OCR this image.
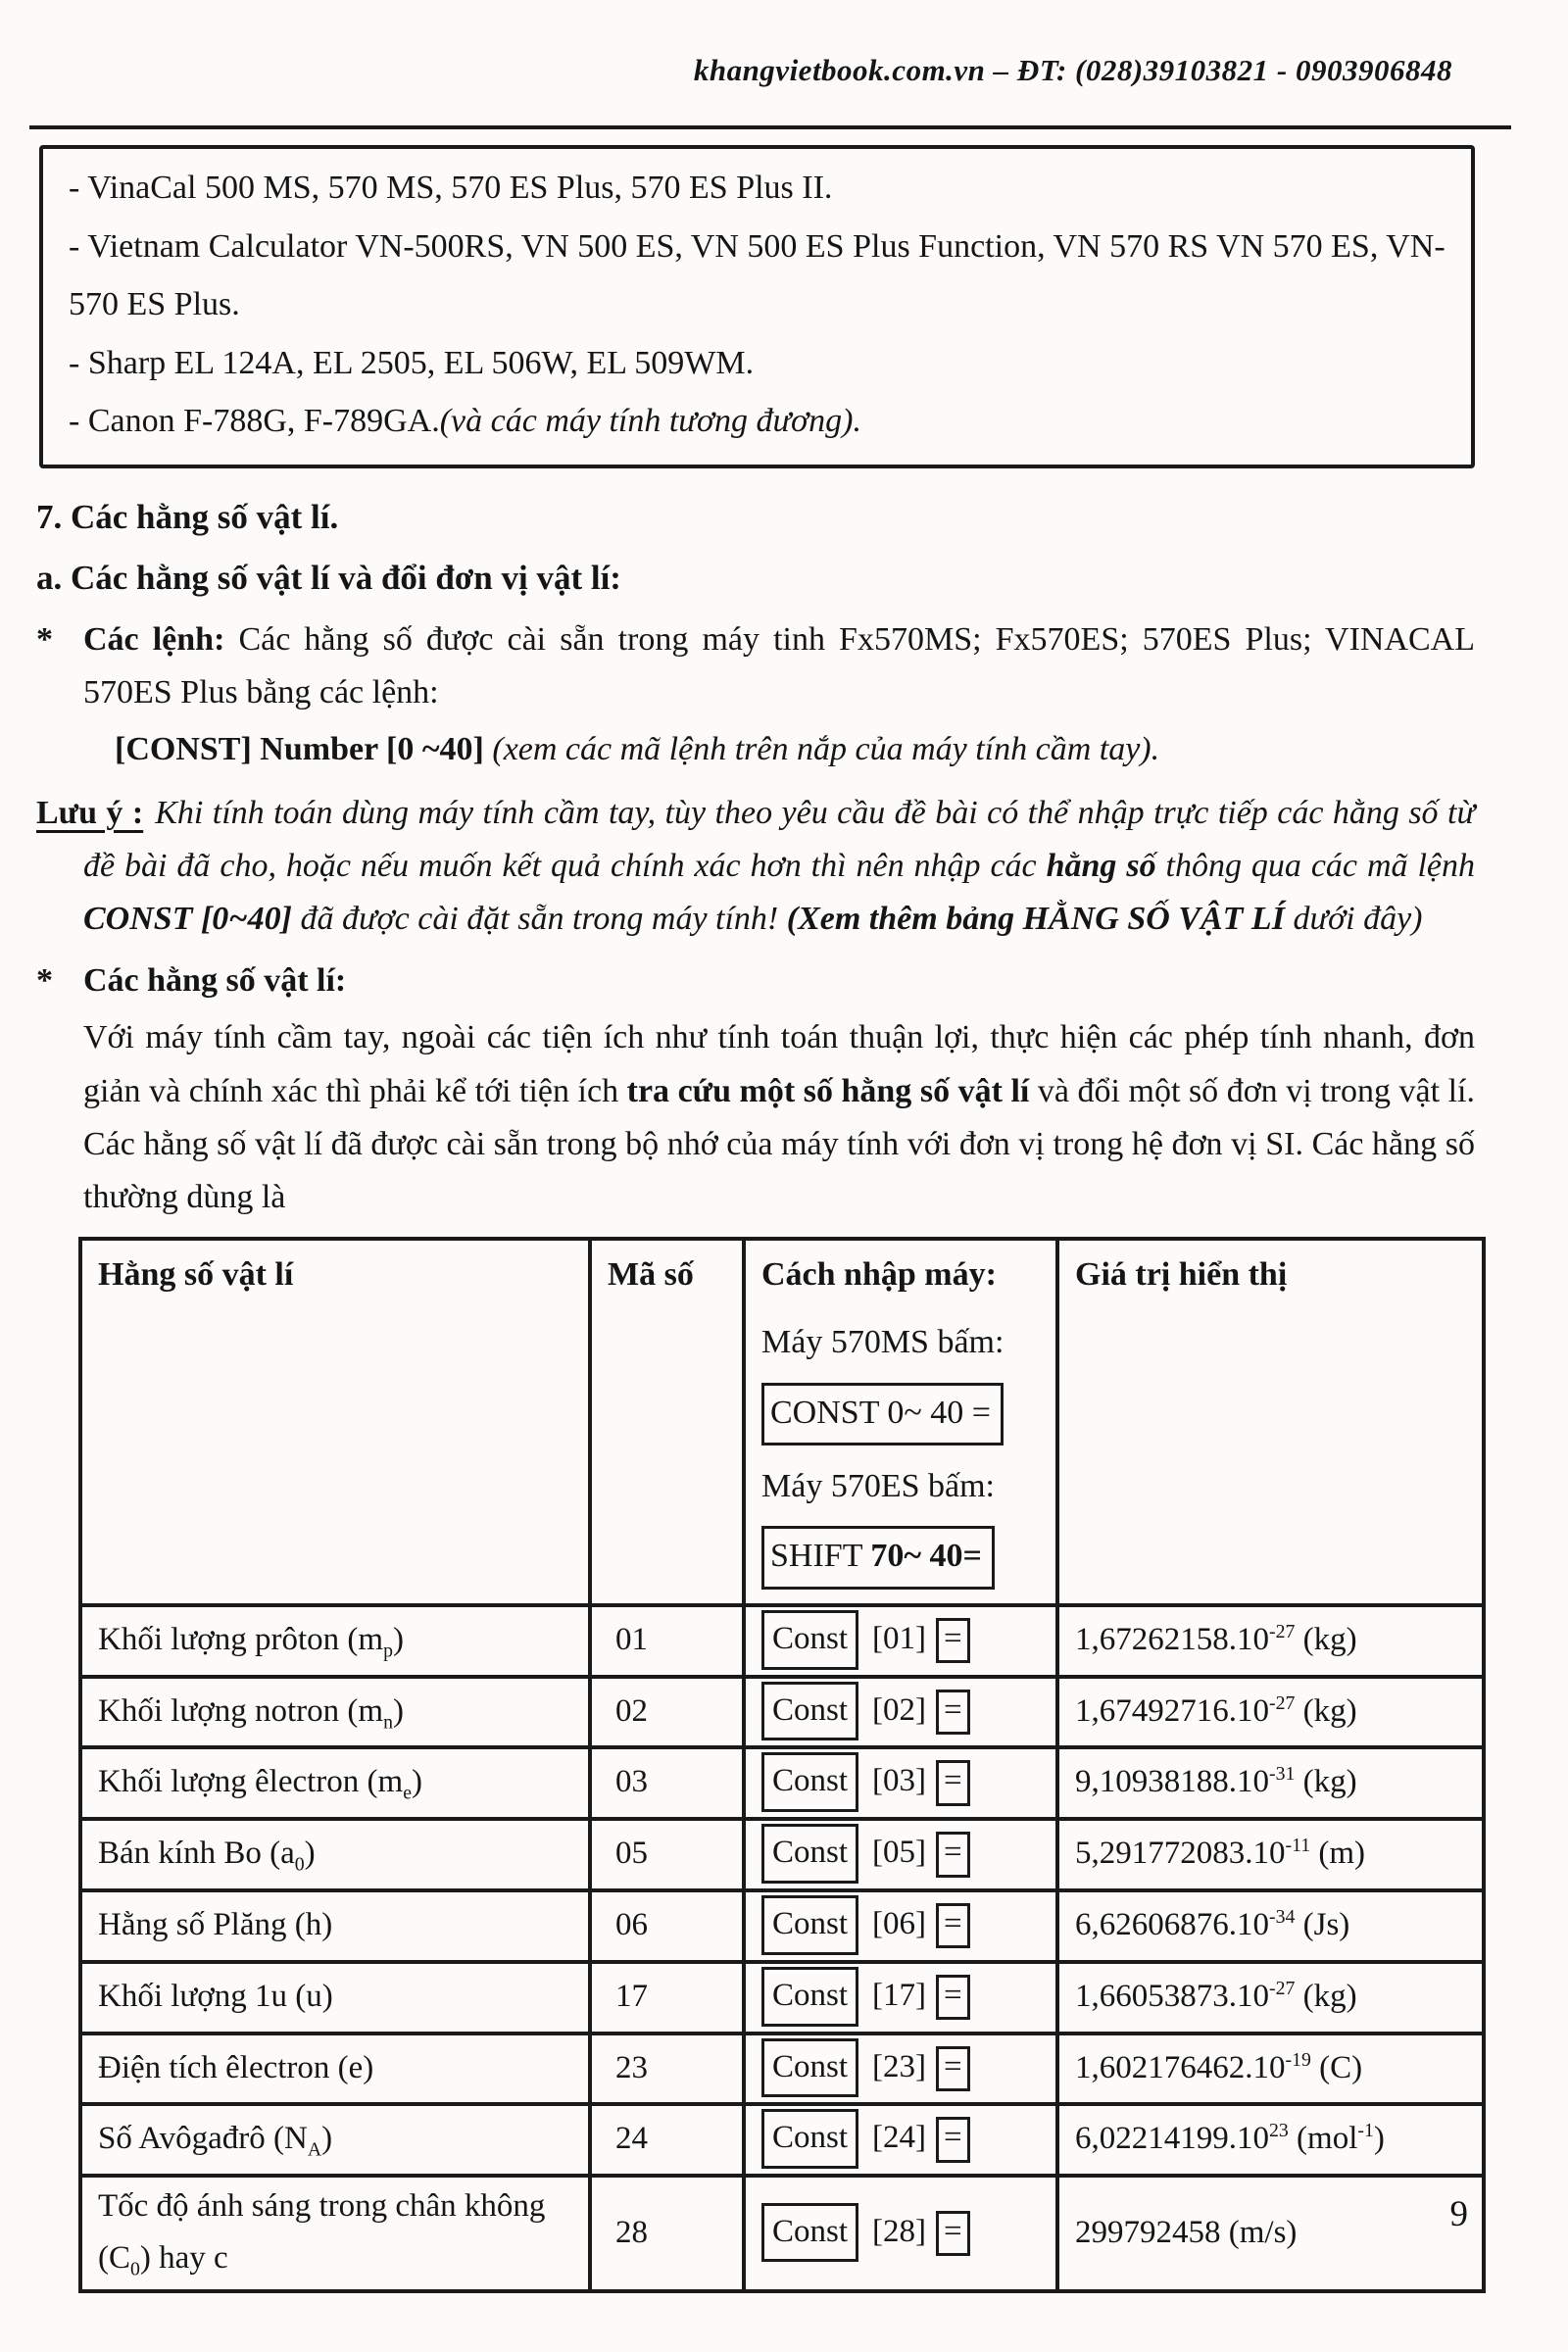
khangvietbook.com.vn – ĐT: (028)39103821 - 0903906848
- VinaCal 500 MS, 570 MS, 570 ES Plus, 570 ES Plus II.
- Vietnam Calculator VN-500RS, VN 500 ES, VN 500 ES Plus Function, VN 570 RS VN 570 ES, VN-570 ES Plus.
- Sharp EL 124A, EL 2505, EL 506W, EL 509WM.
- Canon F-788G, F-789GA.(và các máy tính tương đương).
7. Các hằng số vật lí.
a. Các hằng số vật lí và đổi đơn vị vật lí:
* Các lệnh: Các hằng số được cài sẵn trong máy tinh Fx570MS; Fx570ES; 570ES Plus; VINACAL 570ES Plus bằng các lệnh:
[CONST] Number [0 ~40] (xem các mã lệnh trên nắp của máy tính cầm tay).
Lưu ý : Khi tính toán dùng máy tính cầm tay, tùy theo yêu cầu đề bài có thể nhập trực tiếp các hằng số từ đề bài đã cho, hoặc nếu muốn kết quả chính xác hơn thì nên nhập các hằng số thông qua các mã lệnh CONST [0~40] đã được cài đặt sẵn trong máy tính! (Xem thêm bảng HẰNG SỐ VẬT LÍ dưới đây)
* Các hằng số vật lí:
Với máy tính cầm tay, ngoài các tiện ích như tính toán thuận lợi, thực hiện các phép tính nhanh, đơn giản và chính xác thì phải kể tới tiện ích tra cứu một số hằng số vật lí và đổi một số đơn vị trong vật lí. Các hằng số vật lí đã được cài sẵn trong bộ nhớ của máy tính với đơn vị trong hệ đơn vị SI. Các hằng số thường dùng là
Hằng số vật lí	Mã số	Cách nhập máy:
Máy 570MS bấm:
CONST 0~ 40 =
Máy 570ES bấm:
SHIFT 70~ 40=	Giá trị hiển thị
Khối lượng prôton $(m_p)$	01	Const [01] =	$1,67262158.10^{-27}$ (kg)
Khối lượng notron $(m_n)$	02	Const [02] =	$1,67492716.10^{-27}$ (kg)
Khối lượng êlectron $(m_e)$	03	Const [03] =	$9,10938188.10^{-31}$ (kg)
Bán kính Bo $(a_0)$	05	Const [05] =	$5,291772083.10^{-11}$ (m)
Hằng số Plăng (h)	06	Const [06] =	$6,62606876.10^{-34}$ (Js)
Khối lượng 1u (u)	17	Const [17] =	$1,66053873.10^{-27}$ (kg)
Điện tích êlectron (e)	23	Const [23] =	$1,602176462.10^{-19}$ (C)
Số Avôgađrô $(N_A)$	24	Const [24] =	$6,02214199.10^{23}$ (mol$^{-1}$)
Tốc độ ánh sáng trong chân không $(C_0)$ hay c	28	Const [28] =	299792458 (m/s)	9
